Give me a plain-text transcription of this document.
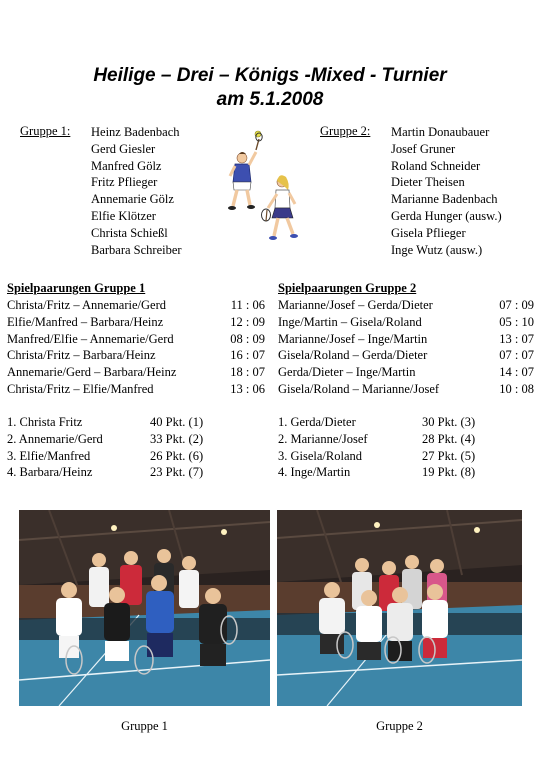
Heilige – Drei – Königs -Mixed - Turnier
am 5.1.2008
Gruppe 1: Heinz Badenbach
Gerd Giesler
Manfred Gölz
Fritz Pflieger
Annemarie Gölz
Elfie Klötzer
Christa Schießl
Barbara Schreiber
Gruppe 2: Martin Donaubauer
Josef Gruner
Roland Schneider
Dieter Theisen
Marianne Badenbach
Gerda Hunger (ausw.)
Gisela Pflieger
Inge Wutz (ausw.)
Spielpaarungen Gruppe 1
Christa/Fritz – Annemarie/Gerd	11 : 06
Elfie/Manfred – Barbara/Heinz	12 : 09
Manfred/Elfie – Annemarie/Gerd	08 : 09
Christa/Fritz – Barbara/Heinz	16 : 07
Annemarie/Gerd – Barbara/Heinz	18 : 07
Christa/Fritz – Elfie/Manfred	13 : 06
Spielpaarungen Gruppe 2
Marianne/Josef – Gerda/Dieter	07 : 09
Inge/Martin – Gisela/Roland	05 : 10
Marianne/Josef – Inge/Martin	13 : 07
Gisela/Roland – Gerda/Dieter	07 : 07
Gerda/Dieter – Inge/Martin	14 : 07
Gisela/Roland – Marianne/Josef	10 : 08
1. Christa Fritz	40 Pkt. (1)
2. Annemarie/Gerd	33 Pkt. (2)
3. Elfie/Manfred	26 Pkt. (6)
4. Barbara/Heinz	23 Pkt. (7)
1. Gerda/Dieter	30 Pkt. (3)
2. Marianne/Josef	28 Pkt. (4)
3. Gisela/Roland	27 Pkt. (5)
4. Inge/Martin	19 Pkt. (8)
Gruppe 1	Gruppe 2
